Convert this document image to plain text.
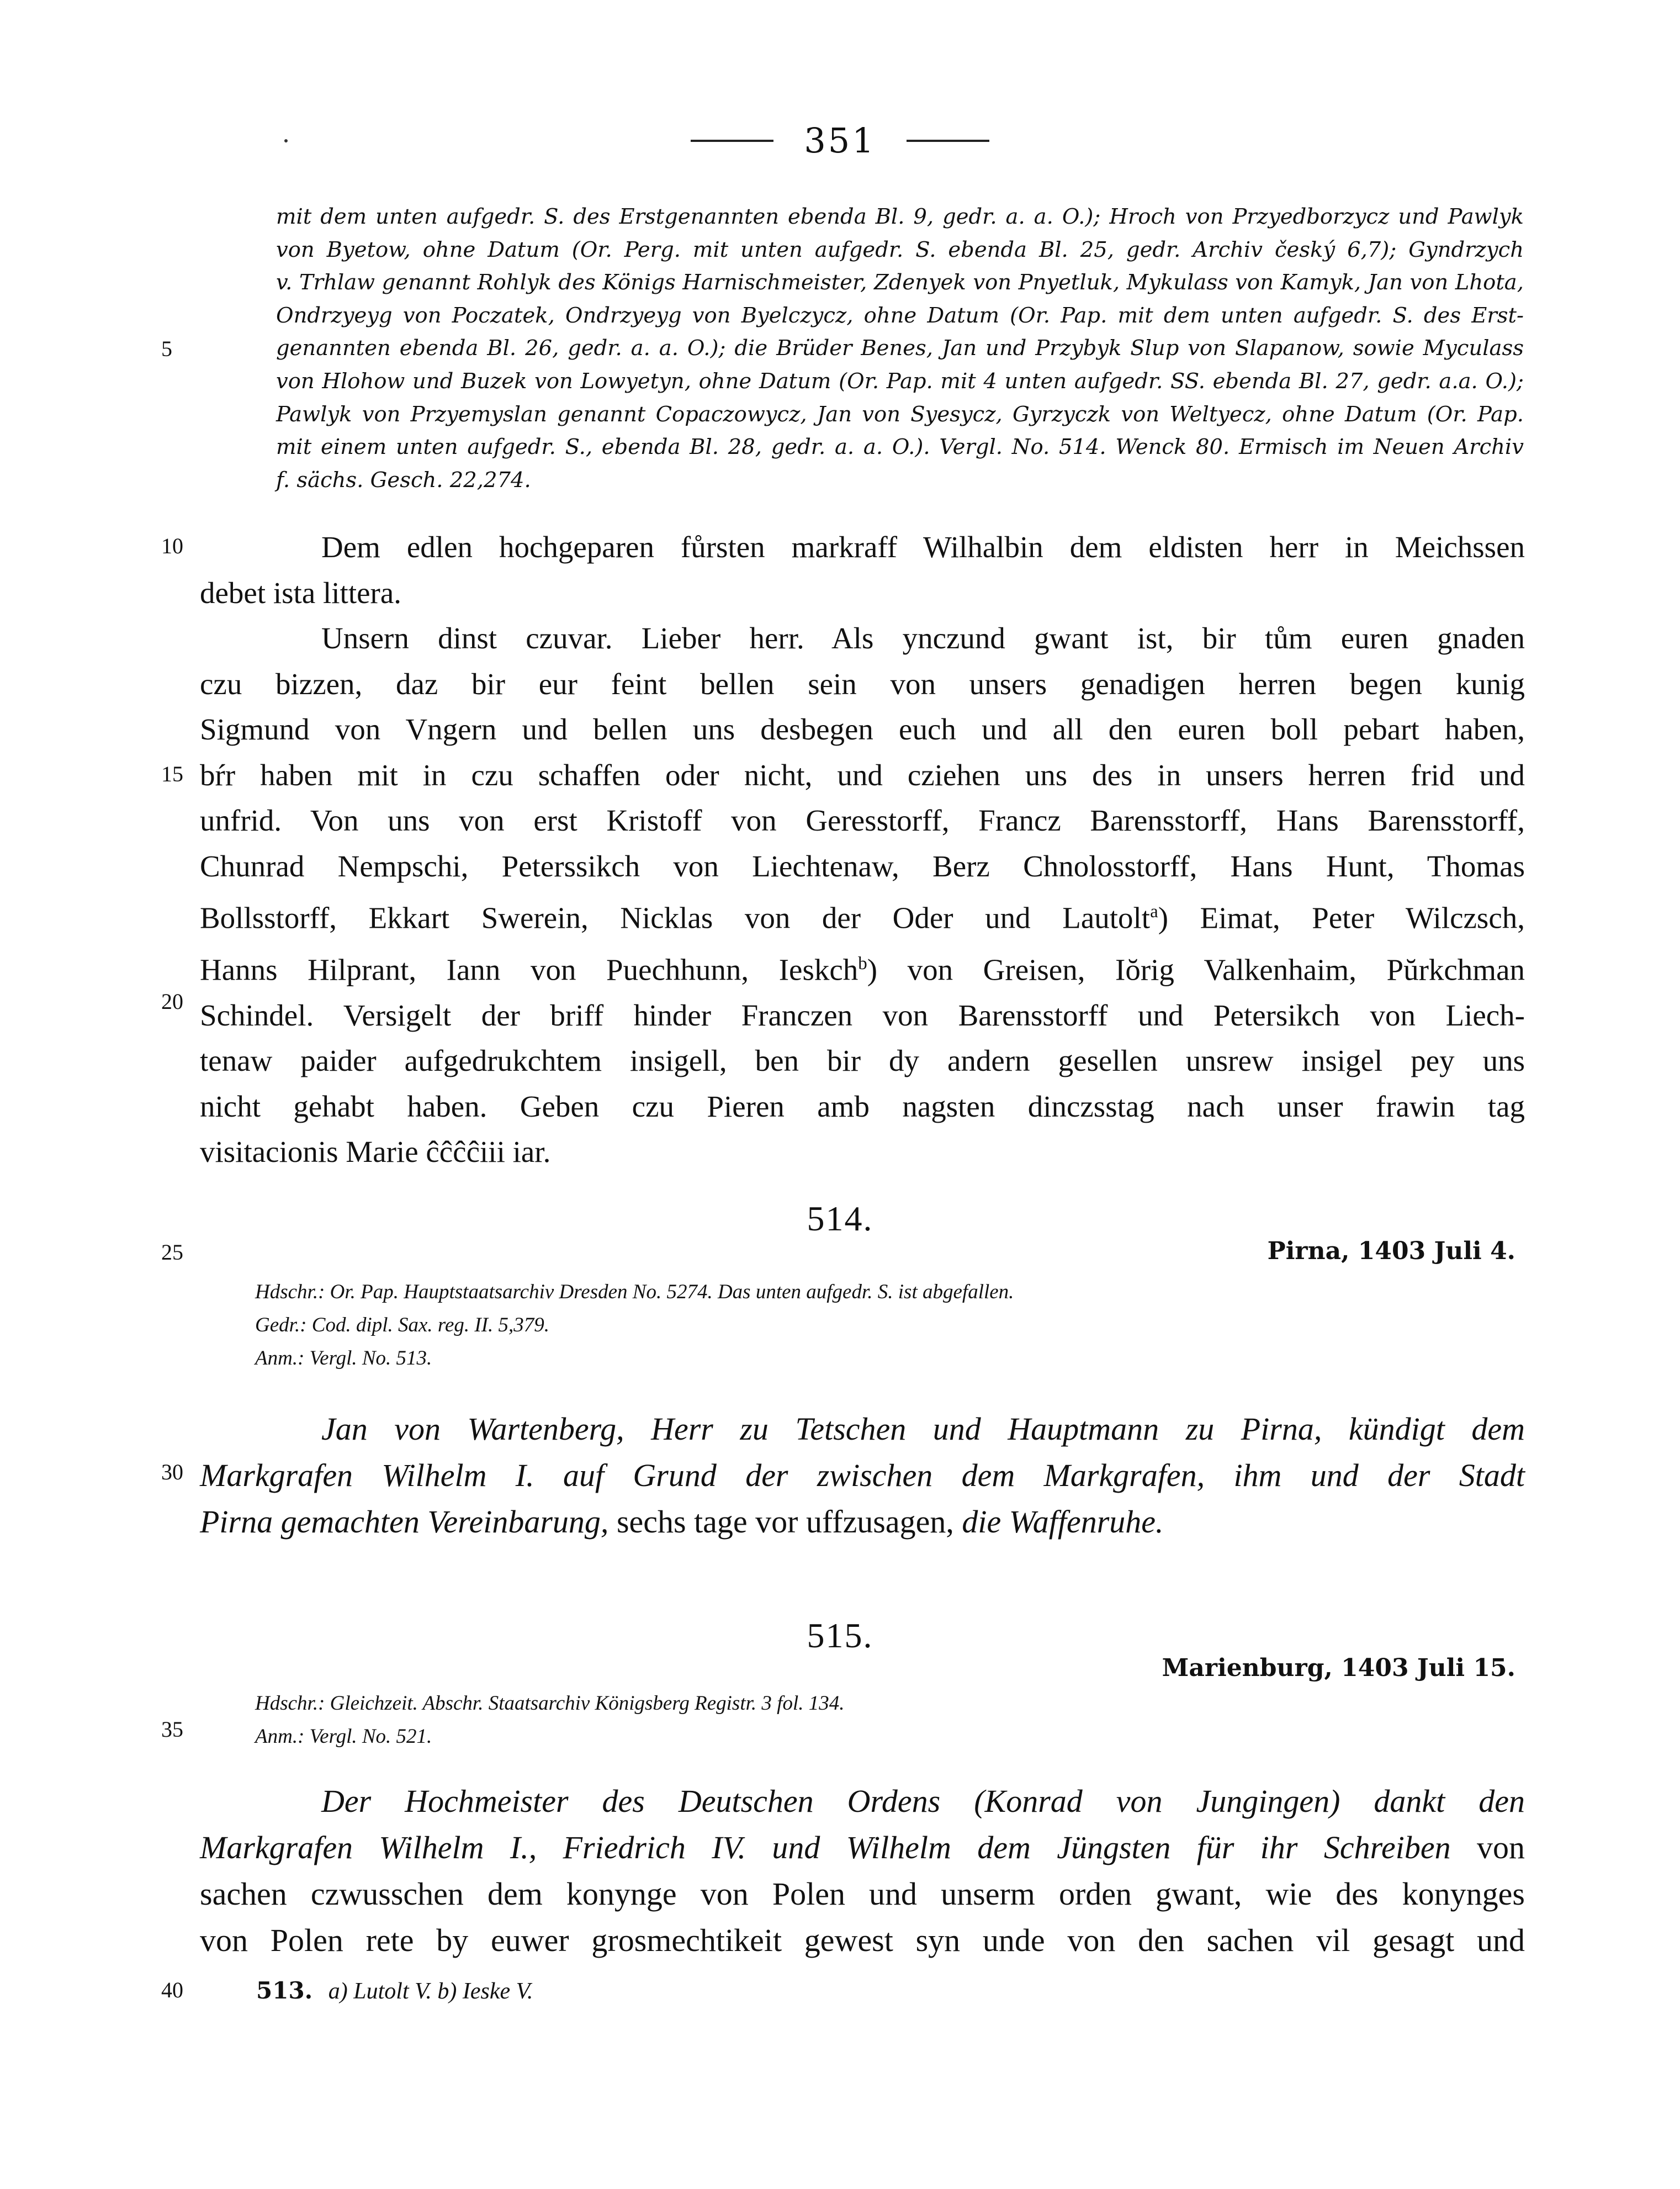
351
5
10
15
20
25
30
35
40
mit dem unten aufgedr. S. des Erstgenannten ebenda Bl. 9, gedr. a. a. O.); Hroch von Przyedborzycz und Pawlyk
von Byetow, ohne Datum (Or. Perg. mit unten aufgedr. S. ebenda Bl. 25, gedr. Archiv český 6,7); Gyndrzych
v. Trhlaw genannt Rohlyk des Königs Harnischmeister, Zdenyek von Pnyetluk, Mykulass von Kamyk, Jan von Lhota,
Ondrzyeyg von Poczatek, Ondrzyeyg von Byelczycz, ohne Datum (Or. Pap. mit dem unten aufgedr. S. des Erst-
genannten ebenda Bl. 26, gedr. a. a. O.); die Brüder Benes, Jan und Przybyk Slup von Slapanow, sowie Myculass
von Hlohow und Buzek von Lowyetyn, ohne Datum (Or. Pap. mit 4 unten aufgedr. SS. ebenda Bl. 27, gedr. a.a. O.);
Pawlyk von Przyemyslan genannt Copaczowycz, Jan von Syesycz, Gyrzyczk von Weltyecz, ohne Datum (Or. Pap.
mit einem unten aufgedr. S., ebenda Bl. 28, gedr. a. a. O.). Vergl. No. 514. Wenck 80. Ermisch im Neuen Archiv
f. sächs. Gesch. 22,274.
Dem edlen hochgeparen fůrsten markraff Wilhalbin dem eldisten herr in Meichssen
debet ista littera.
Unsern dinst czuvar. Lieber herr. Als ynczund gwant ist, bir tům euren gnaden
czu bizzen, daz bir eur feint bellen sein von unsers genadigen herren begen kunig
Sigmund von Vngern und bellen uns desbegen euch und all den euren boll pebart haben,
bŕr haben mit in czu schaffen oder nicht, und cziehen uns des in unsers herren frid und
unfrid. Von uns von erst Kristoff von Geresstorff, Francz Barensstorff, Hans Barensstorff,
Chunrad Nempschi, Peterssikch von Liechtenaw, Berz Chnolosstorff, Hans Hunt, Thomas
Bollsstorff, Ekkart Swerein, Nicklas von der Oder und Lautolt$^a$) Eimat, Peter Wilczsch,
Hanns Hilprant, Iann von Puechhunn, Ieskch$^b$) von Greisen, Iŏrig Valkenhaim, Pŭrkchman
Schindel. Versigelt der briff hinder Franczen von Barensstorff und Petersikch von Liech-
tenaw paider aufgedrukchtem insigell, ben bir dy andern gesellen unsrew insigel pey uns
nicht gehabt haben. Geben czu Pieren amb nagsten dinczsstag nach unser frawin tag
visitacionis Marie ĉĉĉĉiii iar.
514.
Pirna, 1403 Juli 4.
Hdschr.: Or. Pap. Hauptstaatsarchiv Dresden No. 5274. Das unten aufgedr. S. ist abgefallen.
Gedr.: Cod. dipl. Sax. reg. II. 5,379.
Anm.: Vergl. No. 513.
Jan von Wartenberg, Herr zu Tetschen und Hauptmann zu Pirna, kündigt dem
Markgrafen Wilhelm I. auf Grund der zwischen dem Markgrafen, ihm und der Stadt
Pirna gemachten Vereinbarung, sechs tage vor uffzusagen, die Waffenruhe.
515.
Marienburg, 1403 Juli 15.
Hdschr.: Gleichzeit. Abschr. Staatsarchiv Königsberg Registr. 3 fol. 134.
Anm.: Vergl. No. 521.
Der Hochmeister des Deutschen Ordens (Konrad von Jungingen) dankt den
Markgrafen Wilhelm I., Friedrich IV. und Wilhelm dem Jüngsten für ihr Schreiben von
sachen czwusschen dem konynge von Polen und unserm orden gwant, wie des konynges
von Polen rete by euwer grosmechtikeit gewest syn unde von den sachen vil gesagt und
513. a) Lutolt V. b) Ieske V.
